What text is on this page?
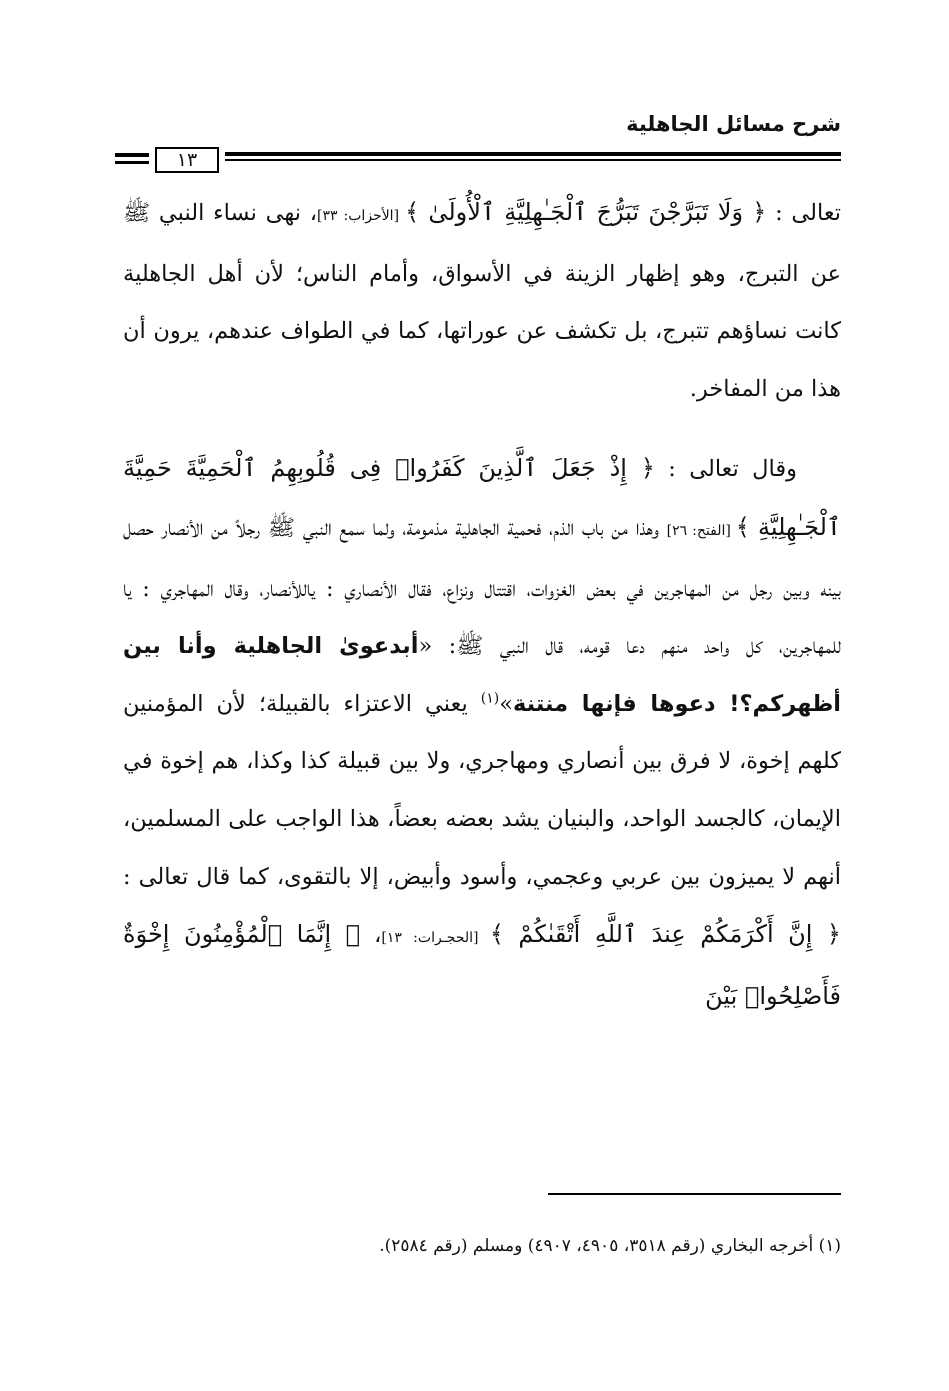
شرح مسائل الجاهلية
١٣

تعالى : ﴿ وَلَا تَبَرَّجْنَ تَبَرُّجَ ٱلْجَـٰهِلِيَّةِ ٱلْأُولَىٰ ﴾ [الأحزاب: ٣٣]، نهى نساء النبي ﷺ عن التبرج، وهو إظهار الزينة في الأسواق، وأمام الناس؛ لأن أهل الجاهلية كانت نساؤهم تتبرج، بل تكشف عن عوراتها، كما في الطواف عندهم، يرون أن هذا من المفاخر.

وقال تعالى : ﴿ إِذْ جَعَلَ ٱلَّذِينَ كَفَرُوا۟ فِى قُلُوبِهِمُ ٱلْحَمِيَّةَ حَمِيَّةَ ٱلْجَـٰهِلِيَّةِ ﴾ [الفتح: ٢٦] وهذا من باب الذم، فحمية الجاهلية مذمومة، ولما سمع النبي ﷺ رجلاً من الأنصار حصل بينه وبين رجل من المهاجرين في بعض الغزوات، اقتتال ونزاع، فقال الأنصاري : ياللأنصار، وقال المهاجري : يا للمهاجرين، كل واحد منهم دعا قومه، قال النبي ﷺ: «أبدعوىٰ الجاهلية وأنا بين أظهركم؟! دعوها فإنها منتنة»$^{(١)}$ يعني الاعتزاء بالقبيلة؛ لأن المؤمنين كلهم إخوة، لا فرق بين أنصاري ومهاجري، ولا بين قبيلة كذا وكذا، هم إخوة في الإيمان، كالجسد الواحد، والبنيان يشد بعضه بعضاً، هذا الواجب على المسلمين، أنهم لا يميزون بين عربي وعجمي، وأسود وأبيض، إلا بالتقوى، كما قال تعالى : ﴿ إِنَّ أَكْرَمَكُمْ عِندَ ٱللَّهِ أَتْقَىٰكُمْ ﴾ [الحجـرات: ١٣]، ﴿ إِنَّمَا ٱلْمُؤْمِنُونَ إِخْوَةٌ فَأَصْلِحُوا۟ بَيْنَ

(١) أخرجه البخاري (رقم ٣٥١٨، ٤٩٠٥، ٤٩٠٧) ومسلم (رقم ٢٥٨٤).
